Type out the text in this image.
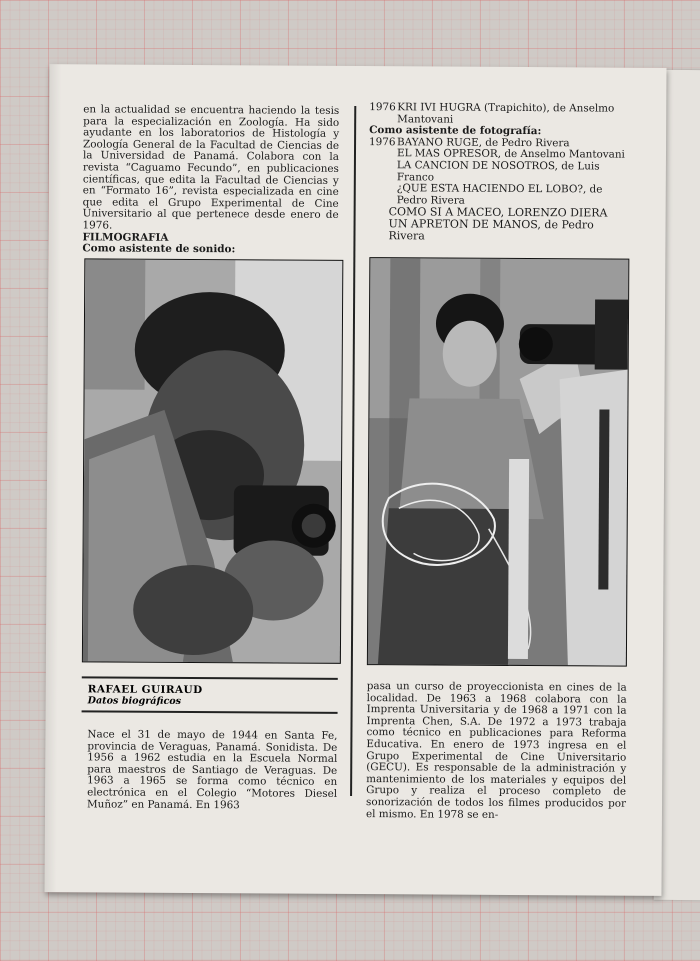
en la actualidad se encuentra haciendo la tesis para la especialización en Zoología. Ha sido ayudante en los laboratorios de Histología y Zoología General de la Facultad de Ciencias de la Universidad de Panamá. Colabora con la revista “Caguamo Fecundo”, en publicaciones científicas, que edita la Facultad de Ciencias y en “Formato 16”, revista especializada en cine que edita el Grupo Experimental de Cine Universitario al que pertenece desde enero de 1976.

FILMOGRAFIA

Como asistente de sonido:

1976 KRI IVI HUGRA (Trapichito), de Anselmo Mantovani
Como asistente de fotografía:
1976 BAYANO RUGE, de Pedro Rivera
EL MAS OPRESOR, de Anselmo Mantovani
LA CANCION DE NOSOTROS, de Luis Franco
¿QUE ESTA HACIENDO EL LOBO?, de Pedro Rivera
COMO SI A MACEO, LORENZO DIERA
UN APRETON DE MANOS, de Pedro Rivera
RAFAEL GUIRAUD
Datos biográficos

Nace el 31 de mayo de 1944 en Santa Fe, provincia de Veraguas, Panamá. Sonidista. De 1956 a 1962 estudia en la Escuela Normal para maestros de Santiago de Veraguas. De 1963 a 1965 se forma como técnico en electrónica en el Colegio “Motores Diesel Muñoz” en Panamá. En 1963

pasa un curso de proyeccionista en cines de la localidad. De 1963 a 1968 colabora con la Imprenta Universitaria y de 1968 a 1971 con la Imprenta Chen, S.A. De 1972 a 1973 trabaja como técnico en publicaciones para Reforma Educativa. En enero de 1973 ingresa en el Grupo Experimental de Cine Universitario (GECU). Es responsable de la administración y mantenimiento de los materiales y equipos del Grupo y realiza el proceso completo de sonorización de todos los filmes producidos por el mismo. En 1978 se en-
